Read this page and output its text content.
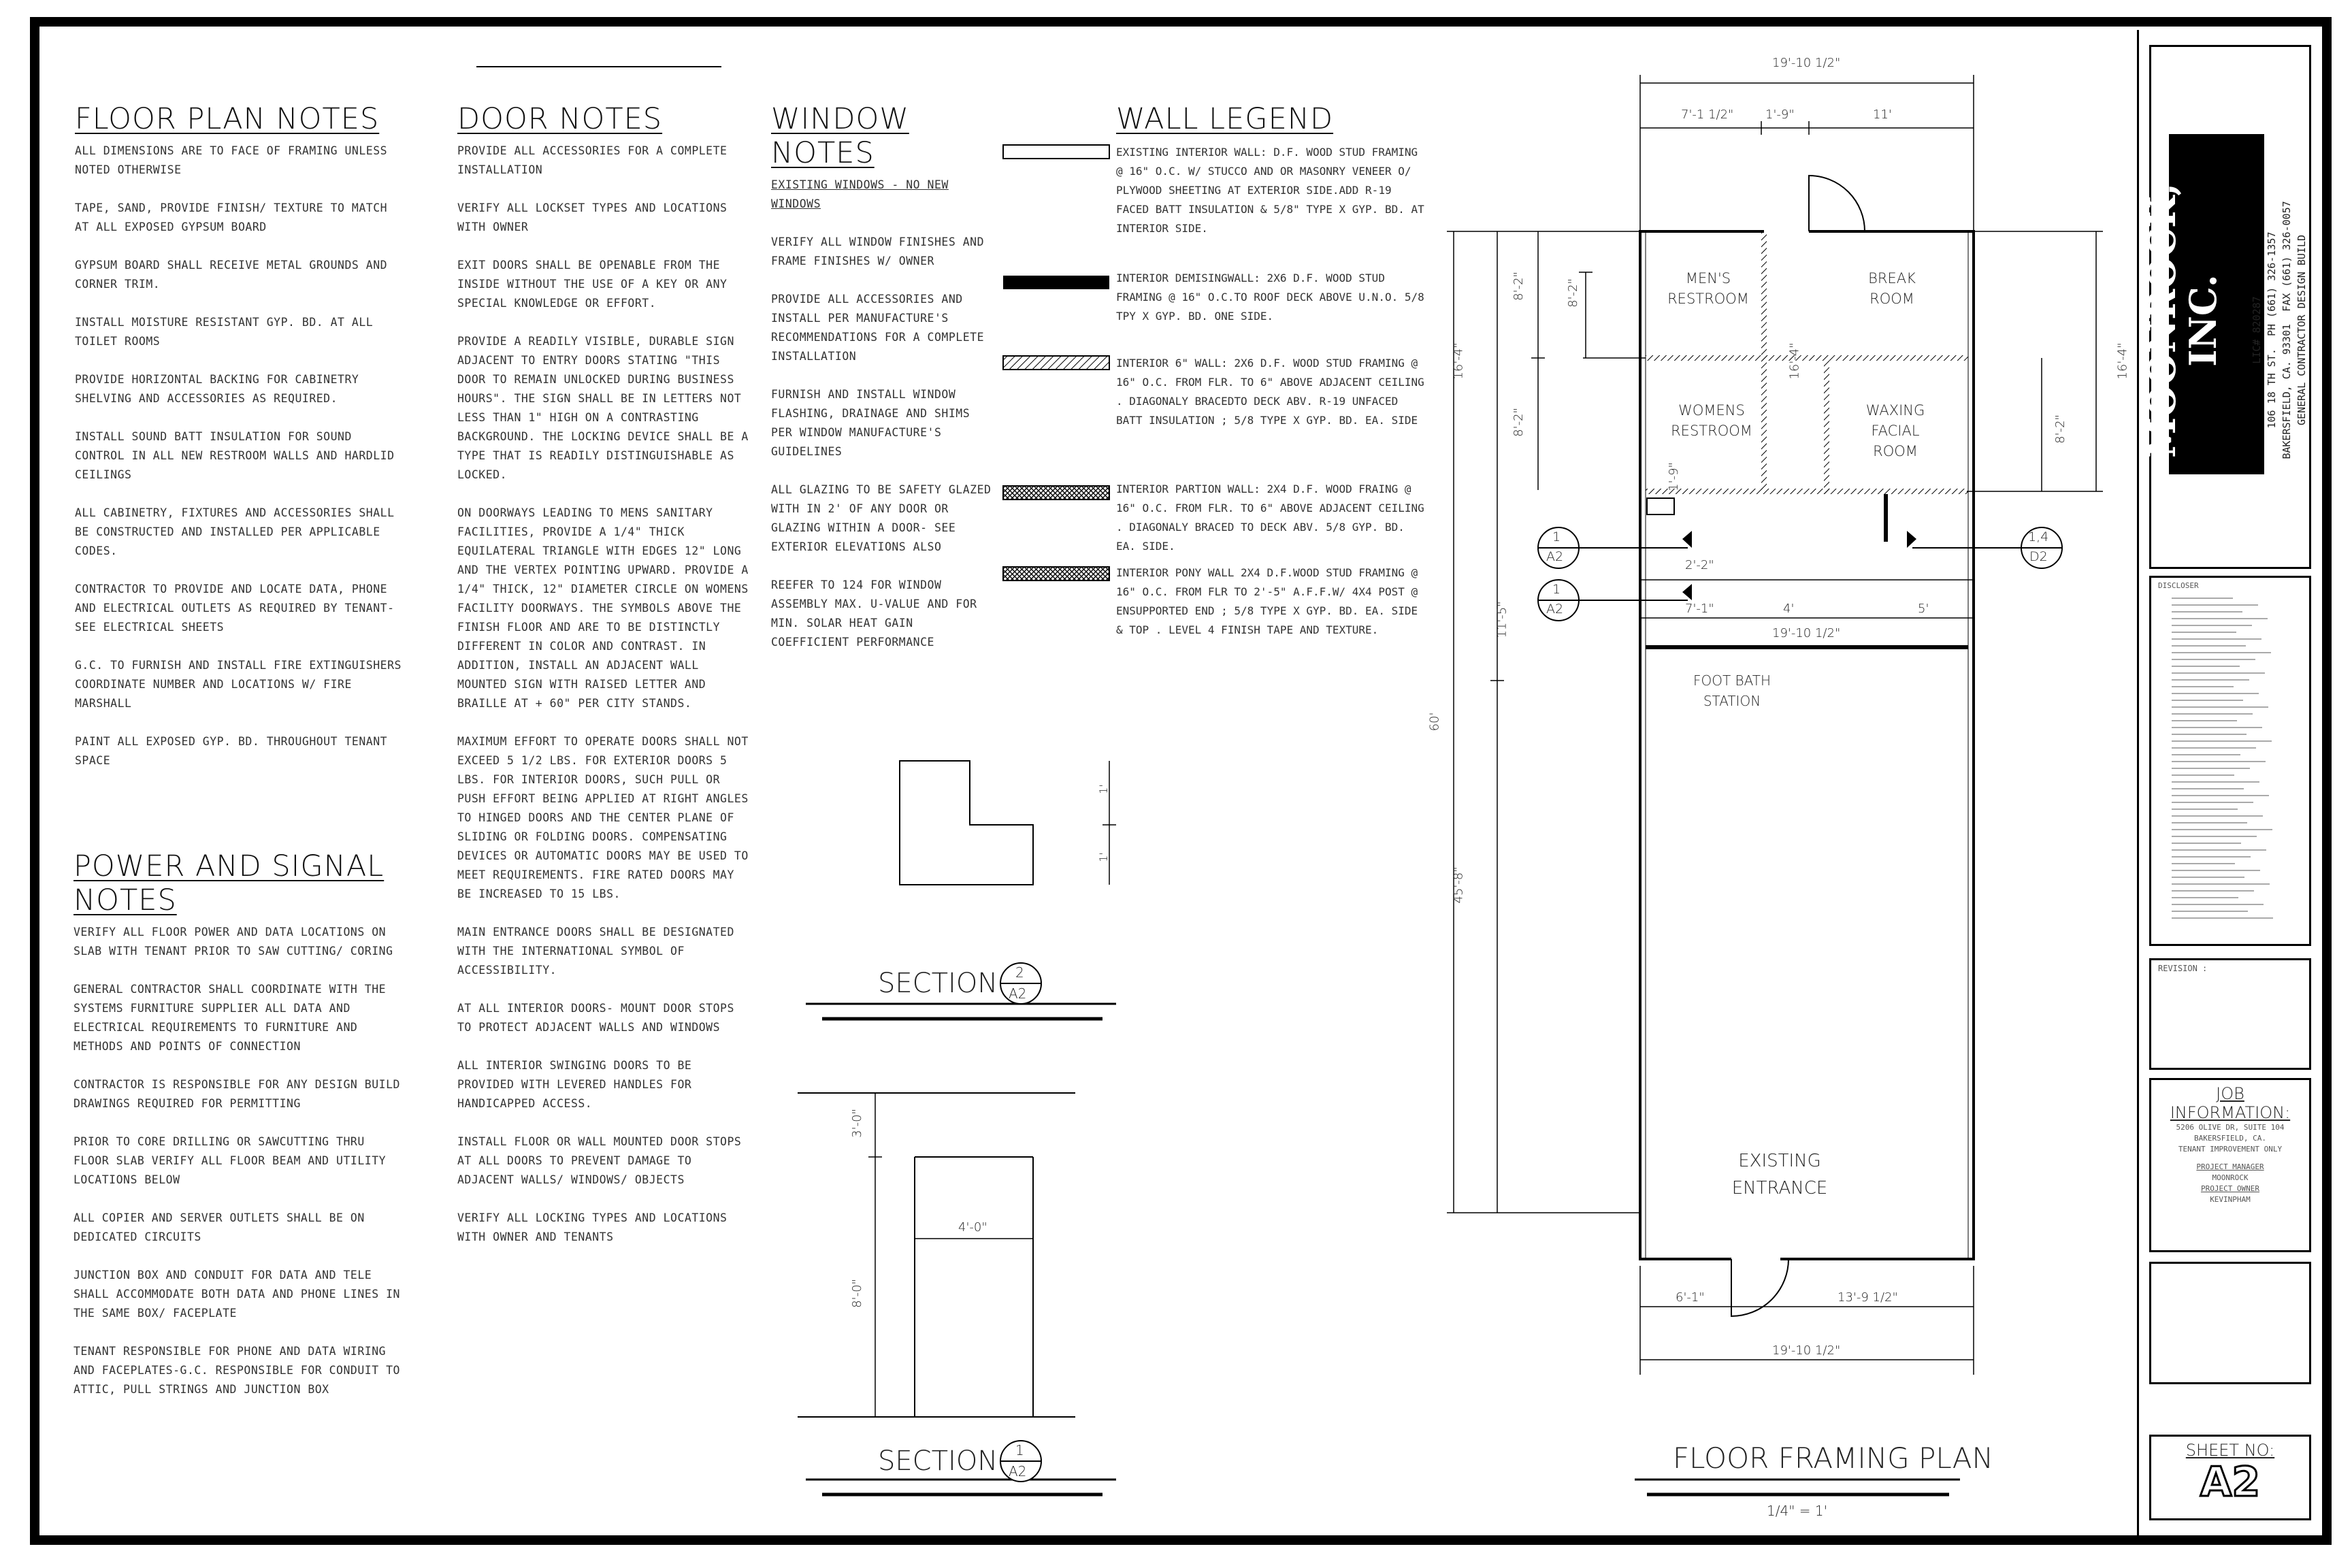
FLOOR PLAN NOTES

ALL DIMENSIONS ARE TO FACE OF FRAMING UNLESS NOTED OTHERWISE

TAPE, SAND, PROVIDE FINISH/ TEXTURE TO MATCH AT ALL EXPOSED GYPSUM BOARD

GYPSUM BOARD SHALL RECEIVE METAL GROUNDS AND CORNER TRIM.

INSTALL MOISTURE RESISTANT GYP. BD. AT ALL TOILET ROOMS

PROVIDE HORIZONTAL BACKING FOR CABINETRY SHELVING AND ACCESSORIES AS REQUIRED.

INSTALL SOUND BATT INSULATION FOR SOUND CONTROL IN ALL NEW RESTROOM WALLS AND HARDLID CEILINGS

ALL CABINETRY, FIXTURES AND ACCESSORIES SHALL BE CONSTRUCTED AND INSTALLED PER APPLICABLE CODES.

CONTRACTOR TO PROVIDE AND LOCATE DATA, PHONE AND ELECTRICAL OUTLETS AS REQUIRED BY TENANT- SEE ELECTRICAL SHEETS

G.C. TO FURNISH AND INSTALL FIRE EXTINGUISHERS COORDINATE NUMBER AND LOCATIONS W/ FIRE MARSHALL

PAINT ALL EXPOSED GYP. BD. THROUGHOUT TENANT SPACE

POWER AND SIGNAL NOTES

VERIFY ALL FLOOR POWER AND DATA LOCATIONS ON SLAB WITH TENANT PRIOR TO SAW CUTTING/ CORING

GENERAL CONTRACTOR SHALL COORDINATE WITH THE SYSTEMS FURNITURE SUPPLIER ALL DATA AND ELECTRICAL REQUIREMENTS TO FURNITURE AND METHODS AND POINTS OF CONNECTION

CONTRACTOR IS RESPONSIBLE FOR ANY DESIGN BUILD DRAWINGS REQUIRED FOR PERMITTING

PRIOR TO CORE DRILLING OR SAWCUTTING THRU FLOOR SLAB VERIFY ALL FLOOR BEAM AND UTILITY LOCATIONS BELOW

ALL COPIER AND SERVER OUTLETS SHALL BE ON DEDICATED CIRCUITS

JUNCTION BOX AND CONDUIT FOR DATA AND TELE SHALL ACCOMMODATE BOTH DATA AND PHONE LINES IN THE SAME BOX/ FACEPLATE

TENANT RESPONSIBLE FOR PHONE AND DATA WIRING AND FACEPLATES-G.C. RESPONSIBLE FOR CONDUIT TO ATTIC, PULL STRINGS AND JUNCTION BOX

DOOR NOTES

PROVIDE ALL ACCESSORIES FOR A COMPLETE INSTALLATION

VERIFY ALL LOCKSET TYPES AND LOCATIONS WITH OWNER

EXIT DOORS SHALL BE OPENABLE FROM THE INSIDE WITHOUT THE USE OF A KEY OR ANY SPECIAL KNOWLEDGE OR EFFORT.

PROVIDE A READILY VISIBLE, DURABLE SIGN ADJACENT TO ENTRY DOORS STATING "THIS DOOR TO REMAIN UNLOCKED DURING BUSINESS HOURS". THE SIGN SHALL BE IN LETTERS NOT LESS THAN 1" HIGH ON A CONTRASTING BACKGROUND. THE LOCKING DEVICE SHALL BE A TYPE THAT IS READILY DISTINGUISHABLE AS LOCKED.

ON DOORWAYS LEADING TO MENS SANITARY FACILITIES, PROVIDE A 1/4" THICK EQUILATERAL TRIANGLE WITH EDGES 12" LONG AND THE VERTEX POINTING UPWARD. PROVIDE A 1/4" THICK, 12" DIAMETER CIRCLE ON WOMENS FACILITY DOORWAYS. THE SYMBOLS ABOVE THE FINISH FLOOR AND ARE TO BE DISTINCTLY DIFFERENT IN COLOR AND CONTRAST. IN ADDITION, INSTALL AN ADJACENT WALL MOUNTED SIGN WITH RAISED LETTER AND BRAILLE AT + 60" PER CITY STANDS.

MAXIMUM EFFORT TO OPERATE DOORS SHALL NOT EXCEED 5 1/2 LBS. FOR EXTERIOR DOORS 5 LBS. FOR INTERIOR DOORS, SUCH PULL OR PUSH EFFORT BEING APPLIED AT RIGHT ANGLES TO HINGED DOORS AND THE CENTER PLANE OF SLIDING OR FOLDING DOORS. COMPENSATING DEVICES OR AUTOMATIC DOORS MAY BE USED TO MEET REQUIREMENTS. FIRE RATED DOORS MAY BE INCREASED TO 15 LBS.

MAIN ENTRANCE DOORS SHALL BE DESIGNATED WITH THE INTERNATIONAL SYMBOL OF ACCESSIBILITY.

AT ALL INTERIOR DOORS- MOUNT DOOR STOPS TO PROTECT ADJACENT WALLS AND WINDOWS

ALL INTERIOR SWINGING DOORS TO BE PROVIDED WITH LEVERED HANDLES FOR HANDICAPPED ACCESS.

INSTALL FLOOR OR WALL MOUNTED DOOR STOPS AT ALL DOORS TO PREVENT DAMAGE TO ADJACENT WALLS/ WINDOWS/ OBJECTS

VERIFY ALL LOCKING TYPES AND LOCATIONS WITH OWNER AND TENANTS

WINDOW NOTES

EXISTING WINDOWS - NO NEW WINDOWS

VERIFY ALL WINDOW FINISHES AND FRAME FINISHES W/ OWNER

PROVIDE ALL ACCESSORIES AND INSTALL PER MANUFACTURE'S RECOMMENDATIONS FOR A COMPLETE INSTALLATION

FURNISH AND INSTALL WINDOW FLASHING, DRAINAGE AND SHIMS PER WINDOW MANUFACTURE'S GUIDELINES

ALL GLAZING TO BE SAFETY GLAZED WITH IN 2' OF ANY DOOR OR GLAZING WITHIN A DOOR- SEE EXTERIOR ELEVATIONS ALSO

REEFER TO 124 FOR WINDOW ASSEMBLY MAX. U-VALUE AND FOR MIN. SOLAR HEAT GAIN COEFFICIENT PERFORMANCE

WALL LEGEND
EXISTING INTERIOR WALL: D.F. WOOD STUD FRAMING @ 16" O.C. W/ STUCCO AND OR MASONRY VENEER O/ PLYWOOD SHEETING AT EXTERIOR SIDE.ADD R-19 FACED BATT INSULATION & 5/8" TYPE X GYP. BD. AT INTERIOR SIDE.
INTERIOR DEMISINGWALL: 2X6 D.F. WOOD STUD FRAMING @ 16" O.C.TO ROOF DECK ABOVE U.N.O. 5/8 TPY X GYP. BD. ONE SIDE.
INTERIOR 6" WALL: 2X6 D.F. WOOD STUD FRAMING @ 16" O.C. FROM FLR. TO 6" ABOVE ADJACENT CEILING . DIAGONALY BRACEDTO DECK ABV. R-19 UNFACED BATT INSULATION ; 5/8 TYPE X GYP. BD. EA. SIDE
INTERIOR PARTION WALL: 2X4 D.F. WOOD FRAING @ 16" O.C. FROM FLR. TO 6" ABOVE ADJACENT CEILING . DIAGONALY BRACED TO DECK ABV. 5/8 GYP. BD. EA. SIDE.
INTERIOR PONY WALL 2X4 D.F.WOOD STUD FRAMING @ 16" O.C. FROM FLR TO 2'-5" A.F.F.W/ 4X4 POST @ ENSUPPORTED END ; 5/8 TYPE X GYP. BD. EA. SIDE & TOP . LEVEL 4 FINISH TAPE AND TEXTURE.
1'
1'
SECTION 2
A2
3'-0"
4'-0"
8'-0"
SECTION 1
A2
MEN'S
RESTROOM
BREAK
ROOM
WOMENS
RESTROOM
WAXING
FACIAL
ROOM
FOOT BATH
STATION
EXISTING
ENTRANCE
19'-10 1/2"
7'-1 1/2"	1'-9"	11'
8'-2"
8'-2"
8'-2"
16'-4"
16'-4"
11'-5"
60'
45'-8"
16'-4"
8'-2"
1'-9"
2'-2"
7'-1"	4'	5'
19'-10 1/2"
6'-1"	13'-9 1/2"
19'-10 1/2"
1
A2
1
A2
1,4
D2
FLOOR FRAMING PLAN
1/4" = 1'
MOONROCK, INC.	LIC# 820287
106 18 TH ST.  PH (661) 326-1357
BAKERSFIELD, CA. 93301  FAX (661) 326-0057 GENERAL CONTRACTOR DESIGN BUILD
DISCLOSER
REVISION :
JOB INFORMATION:
5206 OLIVE DR, SUITE 104
BAKERSFIELD, CA.
TENANT IMPROVEMENT ONLY
PROJECT MANAGER
MOONROCK
PROJECT OWNER
KEVINPHAM
SHEET NO:
A2
